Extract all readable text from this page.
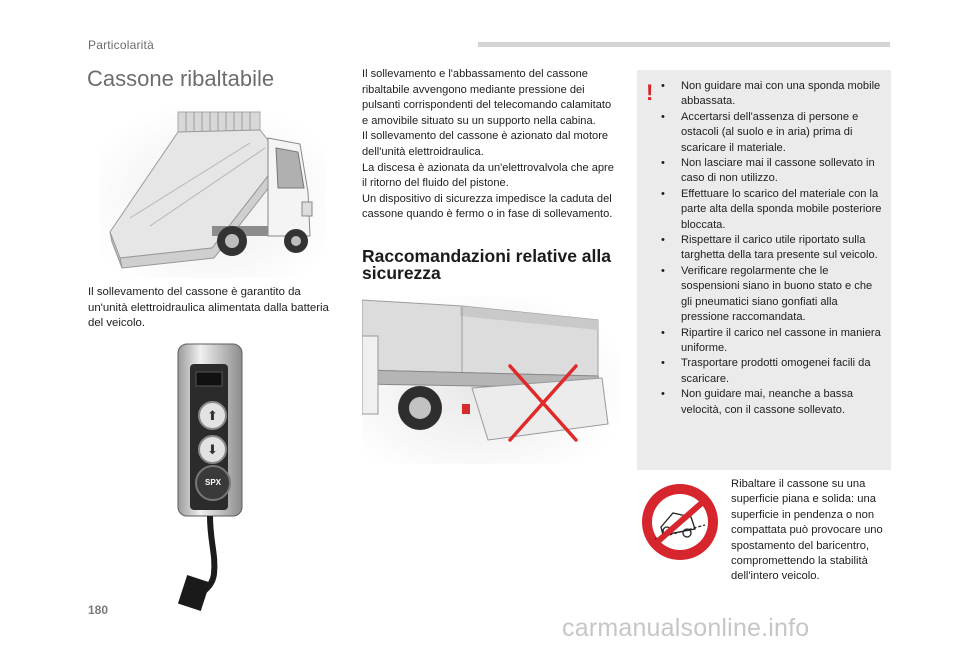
Particolarità
Cassone ribaltabile
Il sollevamento del cassone è garantito da un'unità elettroidraulica alimentata dalla batteria del veicolo.
⬆
⬇
SPX

Il sollevamento e l'abbassamento del cassone ribaltabile avvengono mediante pressione dei pulsanti corrispondenti del telecomando calamitato e amovibile situato su un supporto nella cabina.

Il sollevamento del cassone è azionato dal motore dell'unità elettroidraulica.

La discesa è azionata da un'elettrovalvola che apre il ritorno del fluido del pistone.

Un dispositivo di sicurezza impedisce la caduta del cassone quando è fermo o in fase di sollevamento.

Raccomandazioni relative alla sicurezza
! • Non guidare mai con una sponda mobile abbassata.
• Accertarsi dell'assenza di persone e ostacoli (al suolo e in aria) prima di scaricare il materiale.
• Non lasciare mai il cassone sollevato in caso di non utilizzo.
• Effettuare lo scarico del materiale con la parte alta della sponda mobile posteriore bloccata.
• Rispettare il carico utile riportato sulla targhetta della tara presente sul veicolo.
• Verificare regolarmente che le sospensioni siano in buono stato e che gli pneumatici siano gonfiati alla pressione raccomandata.
• Ripartire il carico nel cassone in maniera uniforme.
• Trasportare prodotti omogenei facili da scaricare.
• Non guidare mai, neanche a bassa velocità, con il cassone sollevato.
Ribaltare il cassone su una superficie piana e solida: una superficie in pendenza o non compattata può provocare uno spostamento del baricentro, compromettendo la stabilità dell'intero veicolo.
180
carmanualsonline.info
